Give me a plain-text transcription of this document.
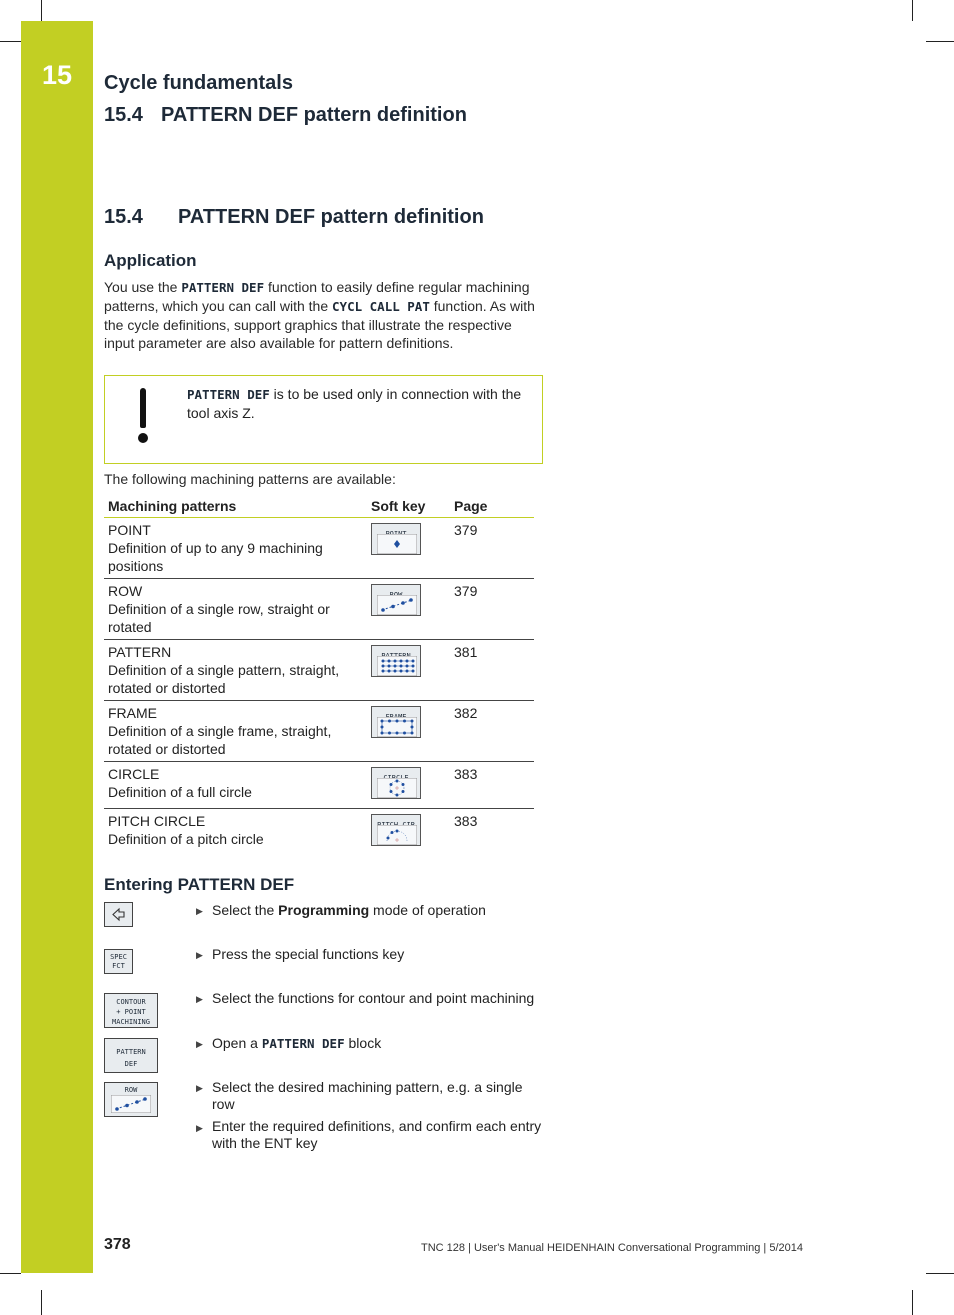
15	Cycle fundamentals
15.4 PATTERN DEF pattern definition
15.4 PATTERN DEF pattern definition
Application
You use the PATTERN DEF function to easily define regular machining patterns, which you can call with the CYCL CALL PAT function. As with the cycle definitions, support graphics that illustrate the respective input parameter are also available for pattern definitions.
PATTERN DEF is to be used only in connection with the tool axis Z.
The following machining patterns are available:
Machining patterns	Soft key	Page
POINT
Definition of up to any 9 machining positions		379
ROW
Definition of a single row, straight or rotated		379
PATTERN
Definition of a single pattern, straight, rotated or distorted		381
FRAME
Definition of a single frame, straight, rotated or distorted		382
CIRCLE
Definition of a full circle		383
PITCH CIRCLE
Definition of a pitch circle		383
Entering PATTERN DEF
▶ Select the Programming mode of operation
SPEC
FCT
▶ Press the special functions key
CONTOUR
+ POINT
MACHINING
▶ Select the functions for contour and point machining
PATTERN
DEF
▶ Open a PATTERN DEF block
ROW	▶ Select the desired machining pattern, e.g. a single row
▶ Enter the required definitions, and confirm each entry with the ENT key
378	TNC 128 | User's Manual HEIDENHAIN Conversational Programming | 5/2014
